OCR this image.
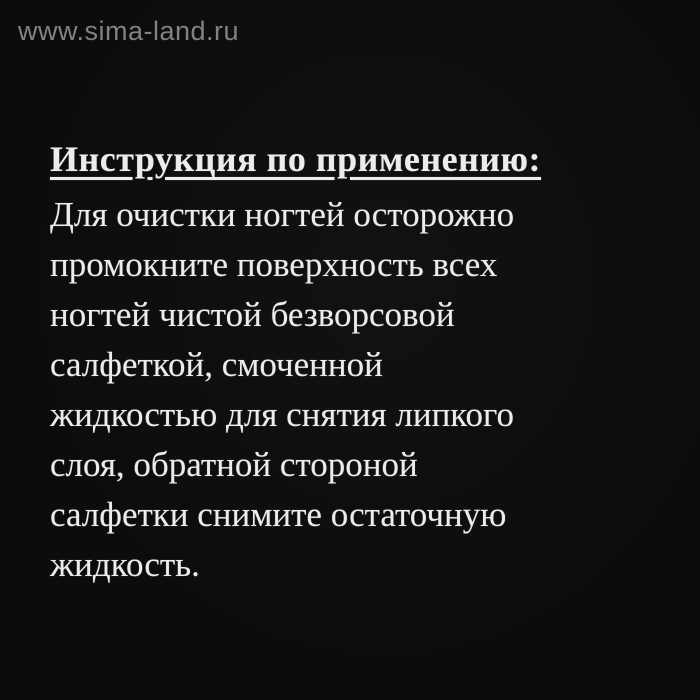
www.sima-land.ru
Инструкция по применению:
Для очистки ногтей осторожно
промокните поверхность всех
ногтей чистой безворсовой
салфеткой, смоченной
жидкостью для снятия липкого
слоя, обратной стороной
салфетки снимите остаточную
жидкость.
